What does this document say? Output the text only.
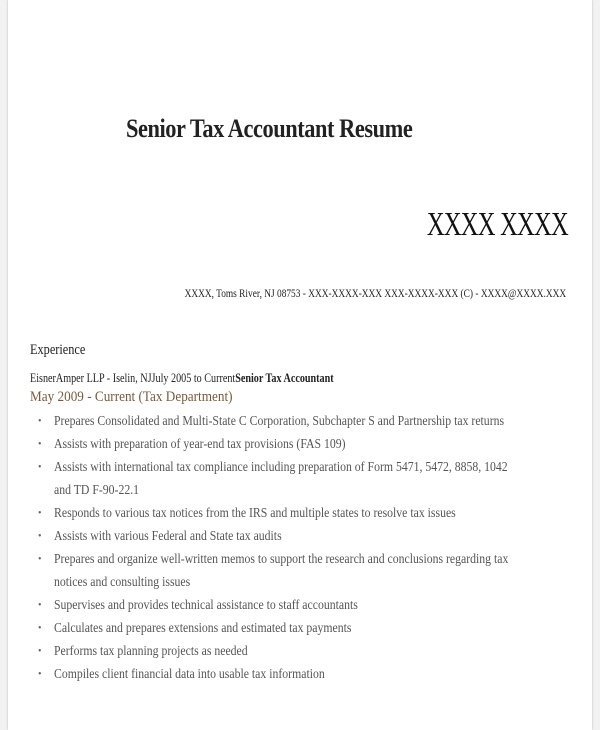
Senior Tax Accountant Resume
XXXX XXXX
XXXX, Toms River, NJ 08753 - XXX-XXXX-XXX XXX-XXXX-XXX (C) - XXXX@XXXX.XXX
Experience
EisnerAmper LLP - Iselin, NJJuly 2005 to CurrentSenior Tax Accountant
May 2009 - Current (Tax Department)
• Prepares Consolidated and Multi-State C Corporation, Subchapter S and Partnership tax returns
• Assists with preparation of year-end tax provisions (FAS 109)
• Assists with international tax compliance including preparation of Form 5471, 5472, 8858, 1042 and TD F-90-22.1
• Responds to various tax notices from the IRS and multiple states to resolve tax issues
• Assists with various Federal and State tax audits
• Prepares and organize well-written memos to support the research and conclusions regarding tax notices and consulting issues
• Supervises and provides technical assistance to staff accountants
• Calculates and prepares extensions and estimated tax payments
• Performs tax planning projects as needed
• Compiles client financial data into usable tax information
